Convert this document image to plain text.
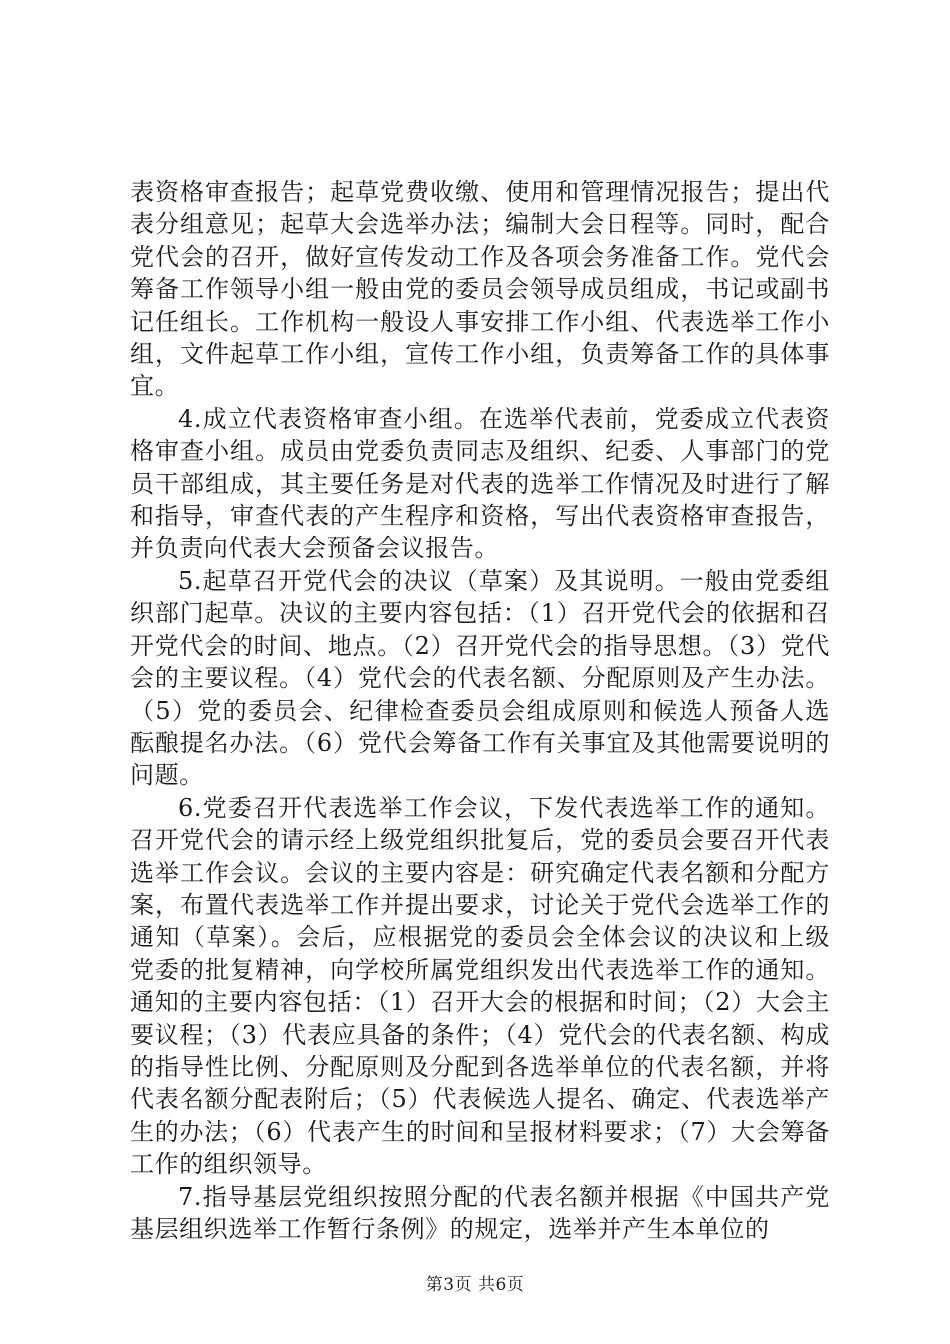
表资格审查报告；起草党费收缴、使用和管理情况报告；提出代表分组意见；起草大会选举办法；编制大会日程等。同时，配合党代会的召开，做好宣传发动工作及各项会务准备工作。党代会筹备工作领导小组一般由党的委员会领导成员组成，书记或副书记任组长。工作机构一般设人事安排工作小组、代表选举工作小组，文件起草工作小组，宣传工作小组，负责筹备工作的具体事宜。

4.成立代表资格审查小组。在选举代表前，党委成立代表资格审查小组。成员由党委负责同志及组织、纪委、人事部门的党员干部组成，其主要任务是对代表的选举工作情况及时进行了解和指导，审查代表的产生程序和资格，写出代表资格审查报告，并负责向代表大会预备会议报告。

5.起草召开党代会的决议（草案）及其说明。一般由党委组织部门起草。决议的主要内容包括：（1）召开党代会的依据和召开党代会的时间、地点。（2）召开党代会的指导思想。（3）党代会的主要议程。（4）党代会的代表名额、分配原则及产生办法。（5）党的委员会、纪律检查委员会组成原则和候选人预备人选酝酿提名办法。（6）党代会筹备工作有关事宜及其他需要说明的问题。

6.党委召开代表选举工作会议，下发代表选举工作的通知。召开党代会的请示经上级党组织批复后，党的委员会要召开代表选举工作会议。会议的主要内容是：研究确定代表名额和分配方案，布置代表选举工作并提出要求，讨论关于党代会选举工作的通知（草案）。会后，应根据党的委员会全体会议的决议和上级党委的批复精神，向学校所属党组织发出代表选举工作的通知。通知的主要内容包括：（1）召开大会的根据和时间；（2）大会主要议程；（3）代表应具备的条件；（4）党代会的代表名额、构成的指导性比例、分配原则及分配到各选举单位的代表名额，并将代表名额分配表附后；（5）代表候选人提名、确定、代表选举产生的办法；（6）代表产生的时间和呈报材料要求；（7）大会筹备工作的组织领导。

7.指导基层党组织按照分配的代表名额并根据《中国共产党基层组织选举工作暂行条例》的规定，选举并产生本单位的

第3页 共6页
